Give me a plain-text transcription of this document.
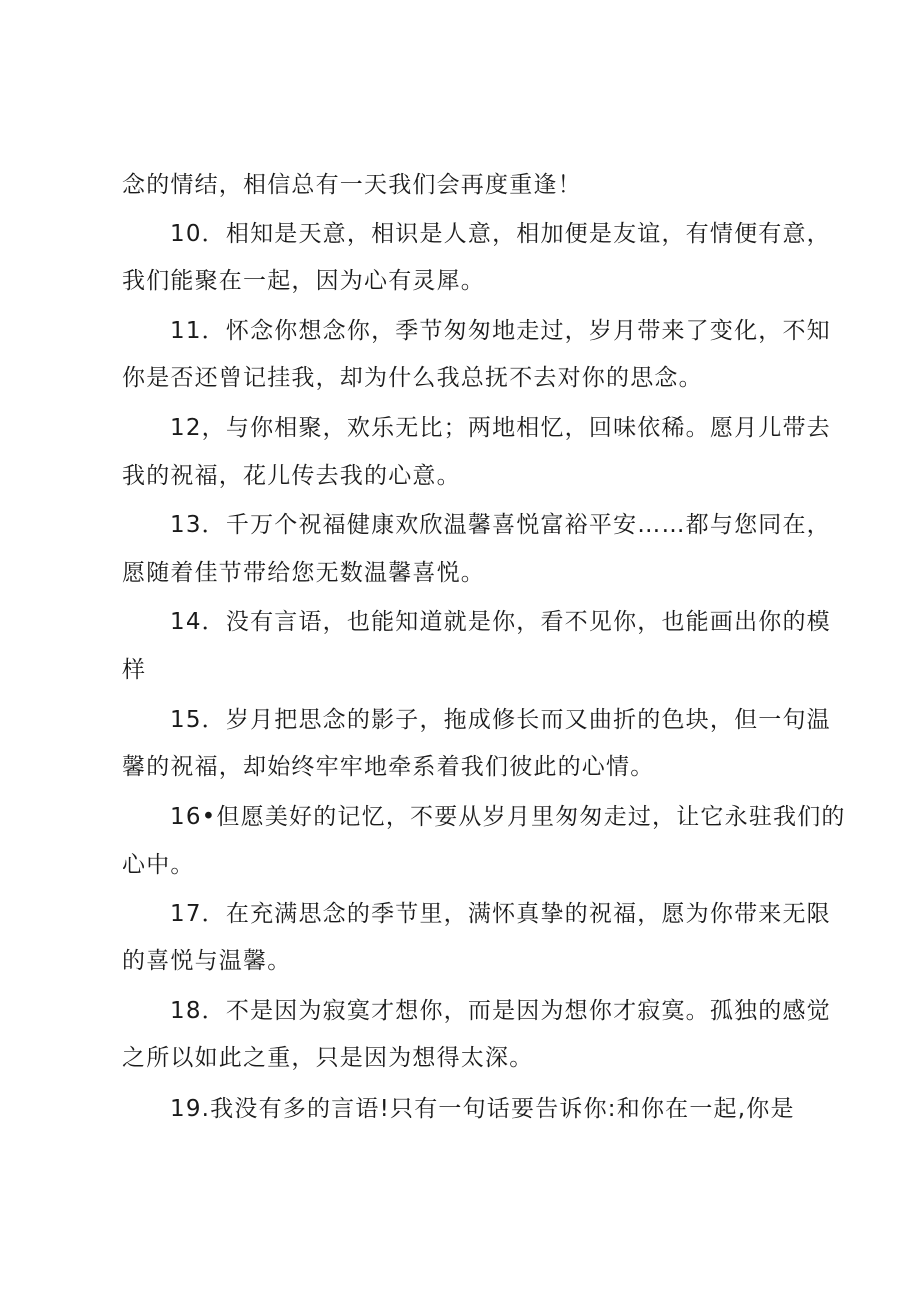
念的情结，相信总有一天我们会再度重逢！
10．相知是天意，相识是人意，相加便是友谊，有情便有意，
我们能聚在一起，因为心有灵犀。
11．怀念你想念你，季节匆匆地走过，岁月带来了变化，不知
你是否还曾记挂我，却为什么我总抚不去对你的思念。
12，与你相聚，欢乐无比；两地相忆，回味依稀。愿月儿带去
我的祝福，花儿传去我的心意。
13．千万个祝福健康欢欣温馨喜悦富裕平安……都与您同在，
愿随着佳节带给您无数温馨喜悦。
14．没有言语，也能知道就是你，看不见你，也能画出你的模
样
15．岁月把思念的影子，拖成修长而又曲折的色块，但一句温
馨的祝福，却始终牢牢地牵系着我们彼此的心情。
16•但愿美好的记忆，不要从岁月里匆匆走过，让它永驻我们的
心中。
17．在充满思念的季节里，满怀真挚的祝福，愿为你带来无限
的喜悦与温馨。
18．不是因为寂寞才想你，而是因为想你才寂寞。孤独的感觉
之所以如此之重，只是因为想得太深。
19.我没有多的言语!只有一句话要告诉你:和你在一起,你是
